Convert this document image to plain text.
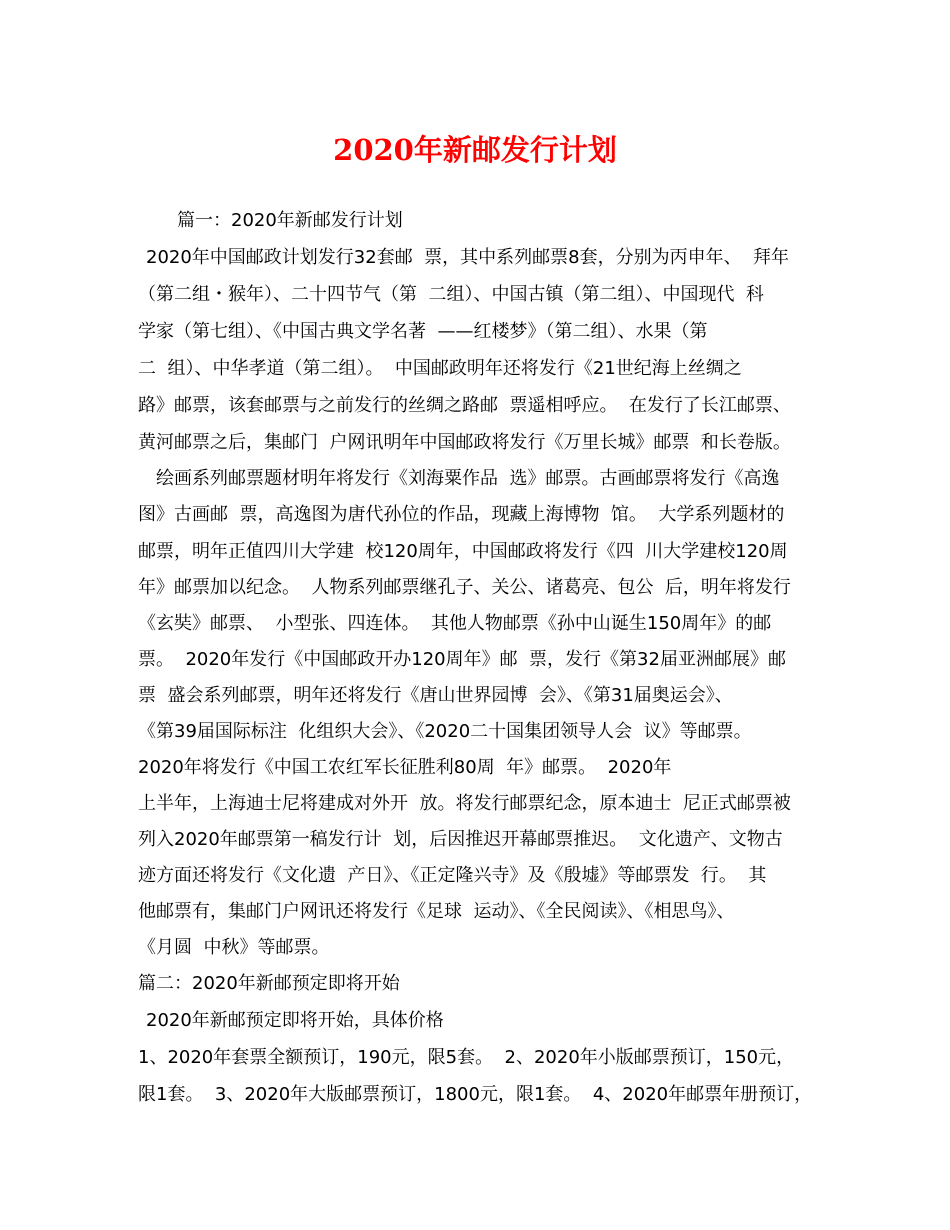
2020年新邮发行计划
篇一：2020年新邮发行计划
2020年中国邮政计划发行32套邮  票，其中系列邮票8套，分别为丙申年、  拜年
（第二组・猴年）、二十四节气（第  二组）、中国古镇（第二组）、中国现代  科
学家（第七组）、《中国古典文学名著  ——红楼梦》（第二组）、水果（第
二  组）、中华孝道（第二组）。  中国邮政明年还将发行《21世纪海上丝绸之
路》邮票，该套邮票与之前发行的丝绸之路邮  票遥相呼应。  在发行了长江邮票、
黄河邮票之后，集邮门  户网讯明年中国邮政将发行《万里长城》邮票  和长卷版。
绘画系列邮票题材明年将发行《刘海粟作品  选》邮票。古画邮票将发行《高逸
图》古画邮  票，高逸图为唐代孙位的作品，现藏上海博物  馆。  大学系列题材的
邮票，明年正值四川大学建  校120周年，中国邮政将发行《四  川大学建校120周
年》邮票加以纪念。  人物系列邮票继孔子、关公、诸葛亮、包公  后，明年将发行
《玄奘》邮票、  小型张、四连体。  其他人物邮票《孙中山诞生150周年》的邮
票。  2020年发行《中国邮政开办120周年》邮  票，发行《第32届亚洲邮展》邮
票  盛会系列邮票，明年还将发行《唐山世界园博  会》、《第31届奥运会》、
《第39届国际标注  化组织大会》、《2020二十国集团领导人会  议》等邮票。
2020年将发行《中国工农红军长征胜利80周  年》邮票。  2020年
上半年，上海迪士尼将建成对外开  放。将发行邮票纪念，原本迪士  尼正式邮票被
列入2020年邮票第一稿发行计  划，后因推迟开幕邮票推迟。  文化遗产、文物古
迹方面还将发行《文化遗  产日》、《正定隆兴寺》及《殷墟》等邮票发  行。  其
他邮票有，集邮门户网讯还将发行《足球  运动》、《全民阅读》、《相思鸟》、
《月圆  中秋》等邮票。
篇二：2020年新邮预定即将开始
2020年新邮预定即将开始，具体价格
1、2020年套票全额预订，190元，限5套。  2、2020年小版邮票预订，150元，
限1套。  3、2020年大版邮票预订，1800元，限1套。  4、2020年邮票年册预订，
